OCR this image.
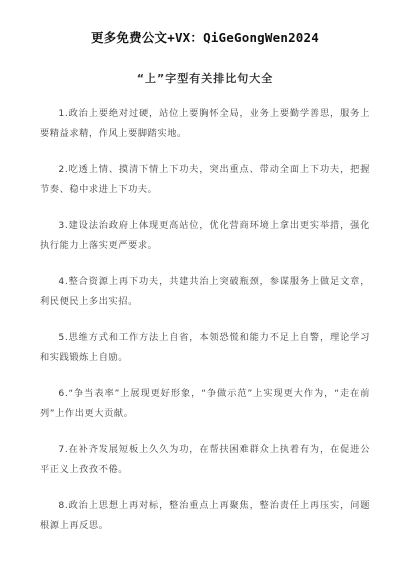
更多免费公文+VX：QiGeGongWen2024
“上”字型有关排比句大全

1.政治上要绝对过硬，站位上要胸怀全局，业务上要勤学善思，服务上要精益求精，作风上要脚踏实地。

2.吃透上情、摸清下情上下功夫，突出重点、带动全面上下功夫，把握节奏、稳中求进上下功夫。

3.建设法治政府上体现更高站位，优化营商环境上拿出更实举措，强化执行能力上落实更严要求。

4.整合资源上再下功夫，共建共治上突破瓶颈，参谋服务上做足文章，利民便民上多出实招。

5.思维方式和工作方法上自省，本领恐慌和能力不足上自警，理论学习和实践锻炼上自励。

6.“争当表率”上展现更好形象，“争做示范”上实现更大作为，“走在前列”上作出更大贡献。

7.在补齐发展短板上久久为功，在帮扶困难群众上执着有为，在促进公平正义上孜孜不倦。

8.政治上思想上再对标，整治重点上再聚焦，整治责任上再压实，问题根源上再反思。
